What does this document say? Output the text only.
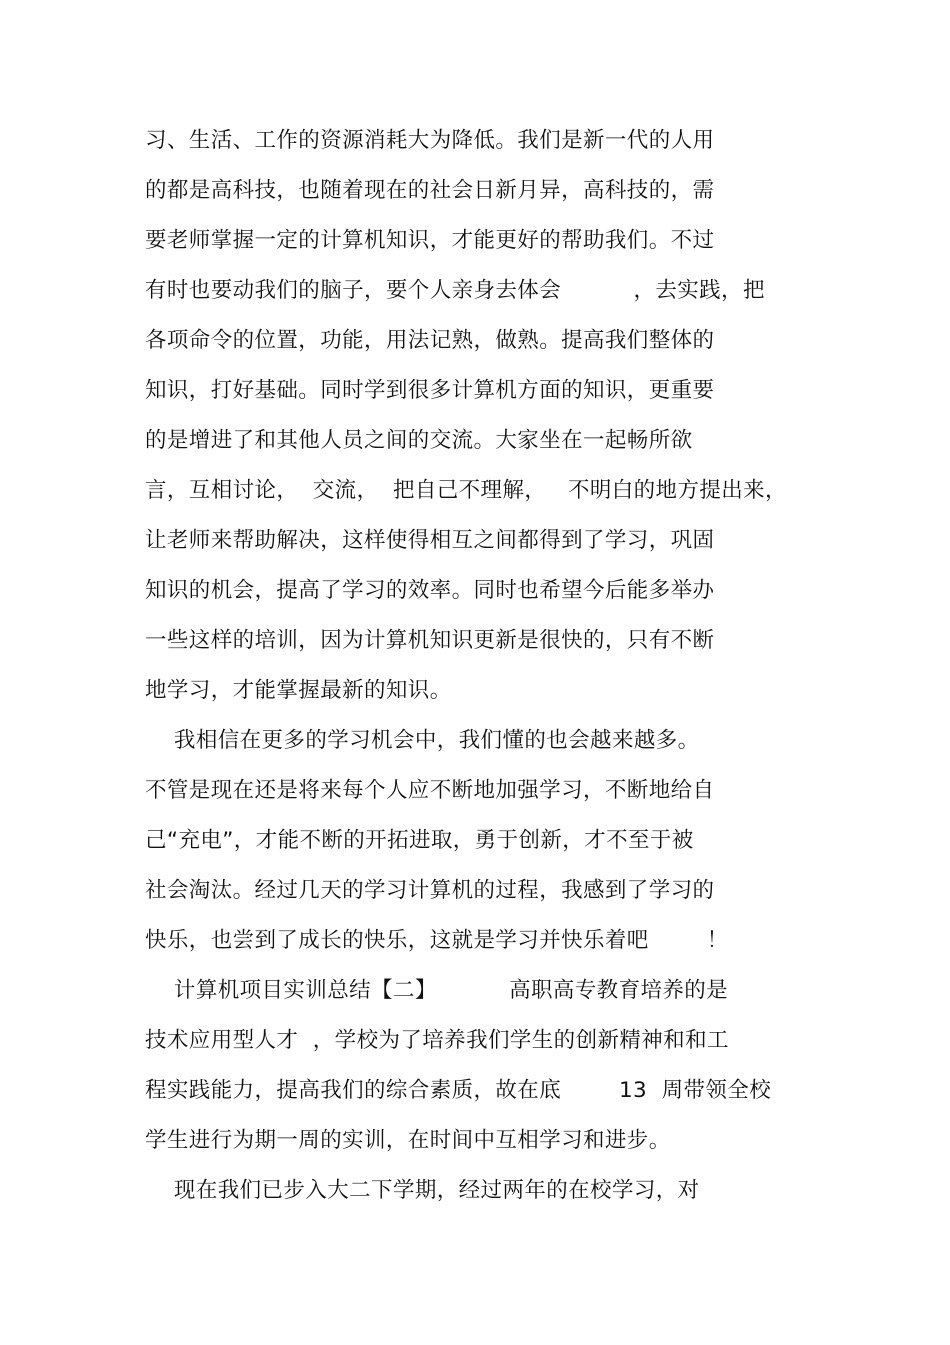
习、生活、工作的资源消耗大为降低。我们是新一代的人用
的都是高科技，也随着现在的社会日新月异，高科技的，需
要老师掌握一定的计算机知识，才能更好的帮助我们。不过
有时也要动我们的脑子，要个人亲身去体会          ，去实践，把
各项命令的位置，功能，用法记熟，做熟。提高我们整体的
知识，打好基础。同时学到很多计算机方面的知识，更重要
的是增进了和其他人员之间的交流。大家坐在一起畅所欲
言，互相讨论，  交流，  把自己不理解，   不明白的地方提出来，
让老师来帮助解决，这样使得相互之间都得到了学习，巩固
知识的机会，提高了学习的效率。同时也希望今后能多举办
一些这样的培训，因为计算机知识更新是很快的，只有不断
地学习，才能掌握最新的知识。
我相信在更多的学习机会中，我们懂的也会越来越多。
不管是现在还是将来每个人应不断地加强学习，不断地给自
己“充电”，才能不断的开拓进取，勇于创新，才不至于被
社会淘汰。经过几天的学习计算机的过程，我感到了学习的
快乐，也尝到了成长的快乐，这就是学习并快乐着吧        ！
计算机项目实训总结【二】          高职高专教育培养的是
技术应用型人才  ，学校为了培养我们学生的创新精神和和工
程实践能力，提高我们的综合素质，故在底        13  周带领全校
学生进行为期一周的实训，在时间中互相学习和进步。
现在我们已步入大二下学期，经过两年的在校学习，对
